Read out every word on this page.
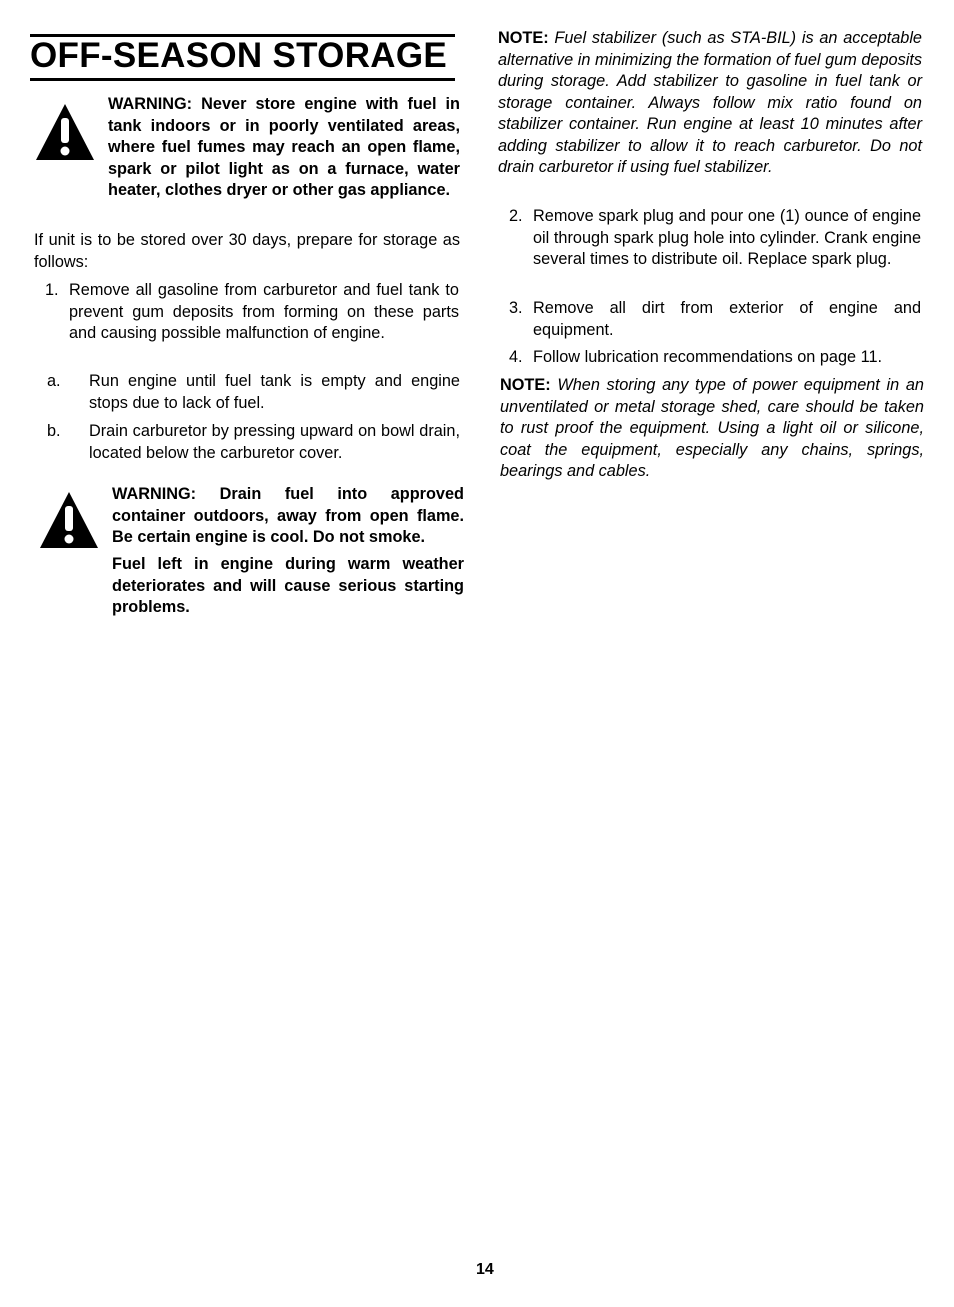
OFF-SEASON STORAGE
WARNING: Never store engine with fuel in tank indoors or in poorly ventilated areas, where fuel fumes may reach an open flame, spark or pilot light as on a furnace, water heater, clothes dryer or other gas appliance.
If unit is to be stored over 30 days, prepare for storage as follows:
1. Remove all gasoline from carburetor and fuel tank to prevent gum deposits from forming on these parts and causing possible malfunction of engine.
a. Run engine until fuel tank is empty and engine stops due to lack of fuel.
b. Drain carburetor by pressing upward on bowl drain, located below the carburetor cover.
WARNING: Drain fuel into approved container outdoors, away from open flame. Be certain engine is cool. Do not smoke.
Fuel left in engine during warm weather deteriorates and will cause serious starting problems.
NOTE: Fuel stabilizer (such as STA-BIL) is an acceptable alternative in minimizing the formation of fuel gum deposits during storage. Add stabilizer to gasoline in fuel tank or storage container. Always follow mix ratio found on stabilizer container. Run engine at least 10 minutes after adding stabilizer to allow it to reach carburetor. Do not drain carburetor if using fuel stabilizer.
2. Remove spark plug and pour one (1) ounce of engine oil through spark plug hole into cylinder. Crank engine several times to distribute oil. Replace spark plug.
3. Remove all dirt from exterior of engine and equipment.
4. Follow lubrication recommendations on page 11.
NOTE: When storing any type of power equipment in an unventilated or metal storage shed, care should be taken to rust proof the equipment. Using a light oil or silicone, coat the equipment, especially any chains, springs, bearings and cables.
14
